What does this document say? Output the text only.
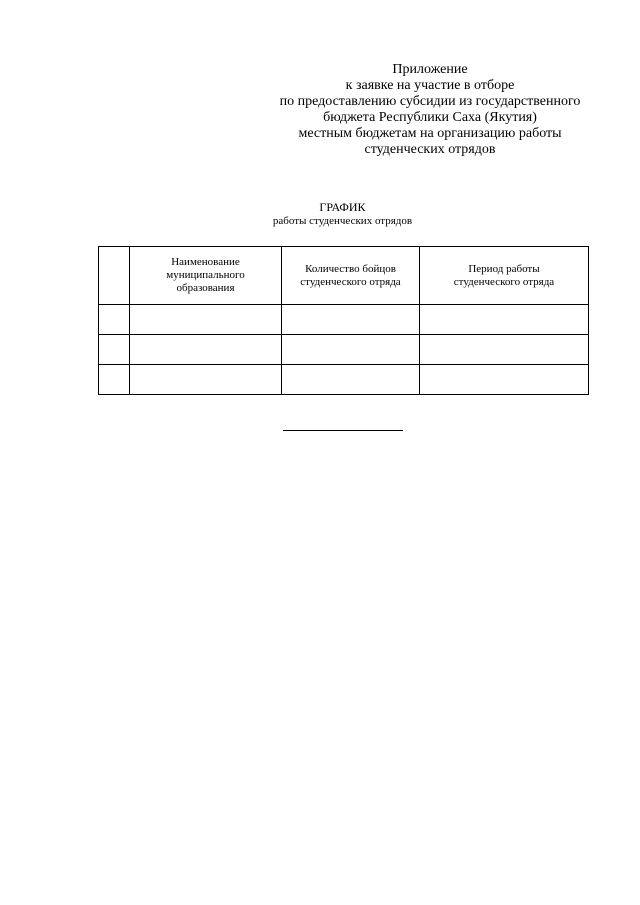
Приложение
к заявке на участие в отборе
по предоставлению субсидии из государственного
бюджета Республики Саха (Якутия)
местным бюджетам на организацию работы
студенческих отрядов
ГРАФИК
работы студенческих отрядов
	Наименование муниципального образования	Количество бойцов студенческого отряда	Период работы студенческого отряда
